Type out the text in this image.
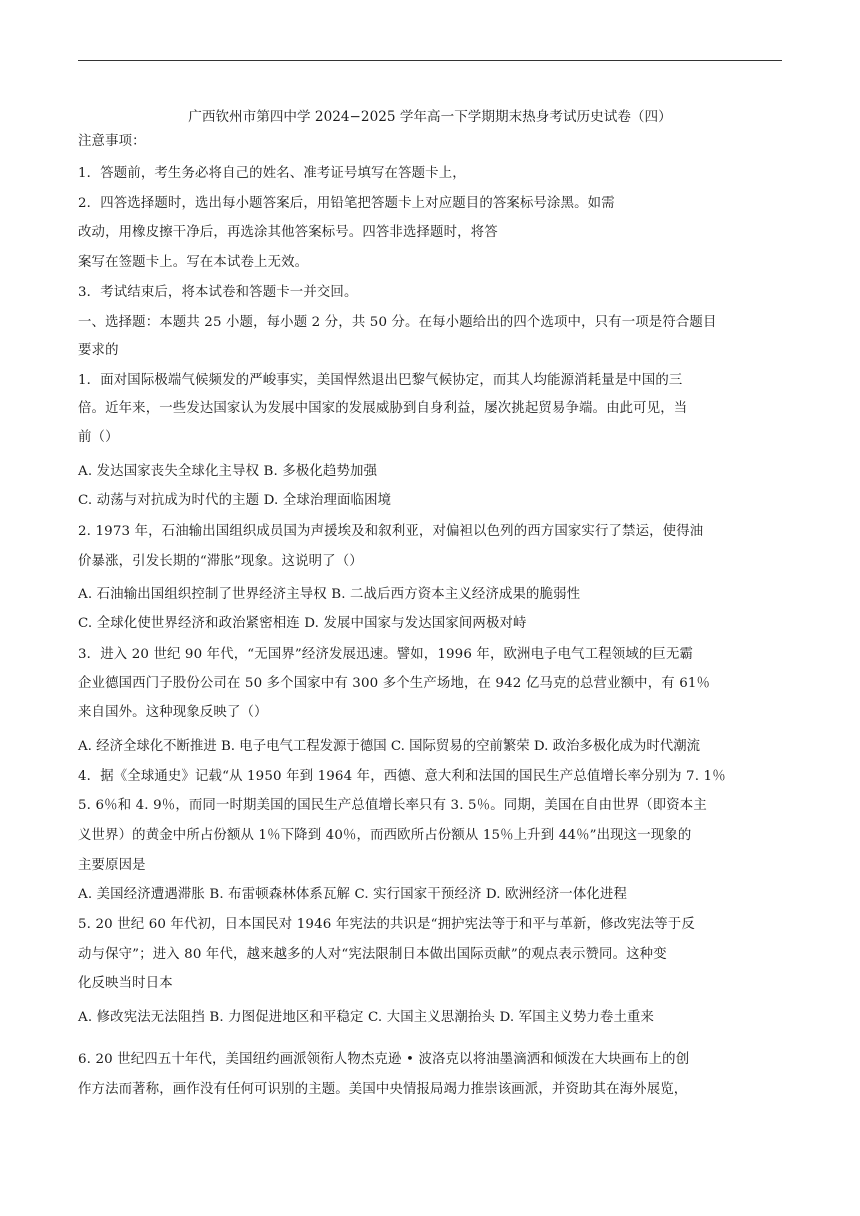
广西钦州市第四中学 2024−2025 学年高一下学期期末热身考试历史试卷（四）
注意事项：
1．答题前，考生务必将自己的姓名、准考证号填写在答题卡上，
2．四答选择题时，选出每小题答案后，用铅笔把答题卡上对应题目的答案标号涂黑。如需
改动，用橡皮擦干净后，再选涂其他答案标号。四答非选择题时，将答
案写在签题卡上。写在本试卷上无效。
3．考试结束后，将本试卷和答题卡一并交回。
一、选择题：本题共 25 小题，每小题 2 分，共 50 分。在每小题给出的四个选项中，只有一项是符合题目
要求的
1．面对国际极端气候频发的严峻事实，美国悍然退出巴黎气候协定，而其人均能源消耗量是中国的三
倍。近年来，一些发达国家认为发展中国家的发展威胁到自身利益，屡次挑起贸易争端。由此可见，当
前（）
A. 发达国家丧失全球化主导权 B. 多极化趋势加强
C. 动荡与对抗成为时代的主题 D. 全球治理面临困境
2. 1973 年，石油输出国组织成员国为声援埃及和叙利亚，对偏袒以色列的西方国家实行了禁运，使得油
价暴涨，引发长期的“滞胀”现象。这说明了（）
A. 石油输出国组织控制了世界经济主导权 B. 二战后西方资本主义经济成果的脆弱性
C. 全球化使世界经济和政治紧密相连 D. 发展中国家与发达国家间两极对峙
3．进入 20 世纪 90 年代，“无国界”经济发展迅速。譬如，1996 年，欧洲电子电气工程领域的巨无霸
企业德国西门子股份公司在 50 多个国家中有 300 多个生产场地，在 942 亿马克的总营业额中，有 61％
来自国外。这种现象反映了（）
A. 经济全球化不断推进 B. 电子电气工程发源于德国 C. 国际贸易的空前繁荣 D. 政治多极化成为时代潮流
4．据《全球通史》记载“从 1950 年到 1964 年，西德、意大利和法国的国民生产总值增长率分别为 7. 1％
5. 6％和 4. 9％，而同一时期美国的国民生产总值增长率只有 3. 5％。同期，美国在自由世界（即资本主
义世界）的黄金中所占份额从 1％下降到 40％，而西欧所占份额从 15％上升到 44％”出现这一现象的
主要原因是
A. 美国经济遭遇滞胀 B. 布雷顿森林体系瓦解 C. 实行国家干预经济 D. 欧洲经济一体化进程
5. 20 世纪 60 年代初，日本国民对 1946 年宪法的共识是“拥护宪法等于和平与革新，修改宪法等于反
动与保守”；进入 80 年代，越来越多的人对“宪法限制日本做出国际贡献”的观点表示赞同。这种变
化反映当时日本
A. 修改宪法无法阻挡 B. 力图促进地区和平稳定 C. 大国主义思潮抬头 D. 军国主义势力卷土重来
6. 20 世纪四五十年代，美国纽约画派领衔人物杰克逊 • 波洛克以将油墨滴洒和倾泼在大块画布上的创
作方法而著称，画作没有任何可识别的主题。美国中央情报局竭力推崇该画派，并资助其在海外展览，
